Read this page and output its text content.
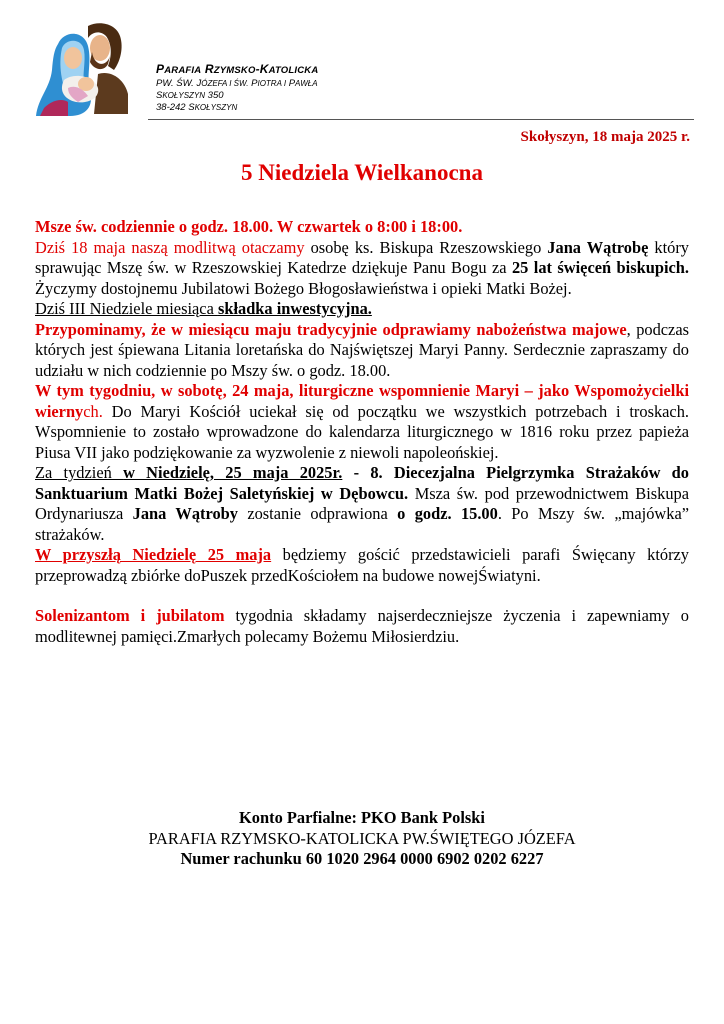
PARAFIA RZYMSKO-KATOLICKA
PW. ŚW. JÓZEFA I ŚW. PIOTRA I PAWŁA
SKOŁYSZYN 350
38-242 SKOŁYSZYN
Skołyszyn, 18 maja 2025 r.
5 Niedziela Wielkanocna

Msze św. codziennie o godz. 18.00. W czwartek o 8:00 i 18:00.

Dziś 18 maja naszą modlitwą otaczamy osobę ks. Biskupa Rzeszowskiego Jana Wątrobę który sprawując Mszę św. w Rzeszowskiej Katedrze dziękuje Panu Bogu za 25 lat święceń biskupich. Życzymy dostojnemu Jubilatowi Bożego Błogosławieństwa i opieki Matki Bożej.

Dziś III Niedziele miesiąca składka inwestycyjna.

Przypominamy, że w miesiącu maju tradycyjnie odprawiamy nabożeństwa majowe, podczas których jest śpiewana Litania loretańska do Najświętszej Maryi Panny. Serdecznie zapraszamy do udziału w nich codziennie po Mszy św. o godz. 18.00.

W tym tygodniu, w sobotę, 24 maja, liturgiczne wspomnienie Maryi – jako Wspomożycielki wiernych. Do Maryi Kościół uciekał się od początku we wszystkich potrzebach i troskach. Wspomnienie to zostało wprowadzone do kalendarza liturgicznego w 1816 roku przez papieża Piusa VII jako podziękowanie za wyzwolenie z niewoli napoleońskiej.

Za tydzień w Niedzielę, 25 maja 2025r. - 8. Diecezjalna Pielgrzymka Strażaków do Sanktuarium Matki Bożej Saletyńskiej w Dębowcu. Msza św. pod przewodnictwem Biskupa Ordynariusza Jana Wątroby zostanie odprawiona o godz. 15.00. Po Mszy św. „majówka” strażaków.

W przyszłą Niedzielę 25 maja będziemy gościć przedstawicieli parafi Święcany którzy przeprowadzą zbiórke doPuszek przedKościołem na budowe nowejŚwiatyni.

Solenizantom i jubilatom tygodnia składamy najserdeczniejsze życzenia i zapewniamy o modlitewnej pamięci.Zmarłych polecamy Bożemu Miłosierdziu.

Konto Parfialne: PKO Bank Polski
PARAFIA RZYMSKO-KATOLICKA PW.ŚWIĘTEGO JÓZEFA
Numer rachunku 60 1020 2964 0000 6902 0202 6227
